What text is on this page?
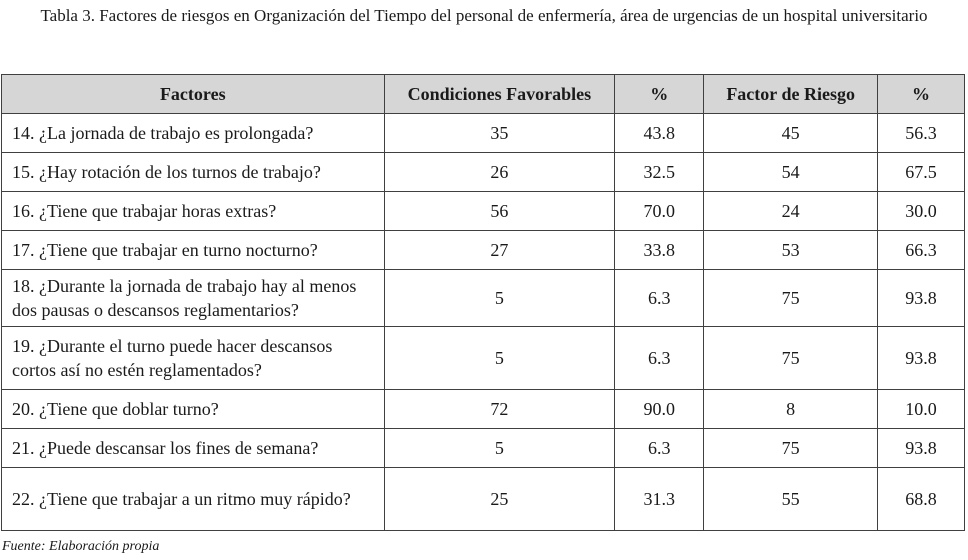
Tabla 3. Factores de riesgos en Organización del Tiempo del personal de enfermería, área de urgencias de un hospital universitario
Factores	Condiciones Favorables	%	Factor de Riesgo	%
14. ¿La jornada de trabajo es prolongada?	35	43.8	45	56.3
15. ¿Hay rotación de los turnos de trabajo?	26	32.5	54	67.5
16. ¿Tiene que trabajar horas extras?	56	70.0	24	30.0
17. ¿Tiene que trabajar en turno nocturno?	27	33.8	53	66.3
18. ¿Durante la jornada de trabajo hay al menos dos pausas o descansos reglamentarios?	5	6.3	75	93.8
19. ¿Durante el turno puede hacer descansos cortos así no estén reglamentados?	5	6.3	75	93.8
20. ¿Tiene que doblar turno?	72	90.0	8	10.0
21. ¿Puede descansar los fines de semana?	5	6.3	75	93.8
22. ¿Tiene que trabajar a un ritmo muy rápido?	25	31.3	55	68.8
Fuente: Elaboración propia
